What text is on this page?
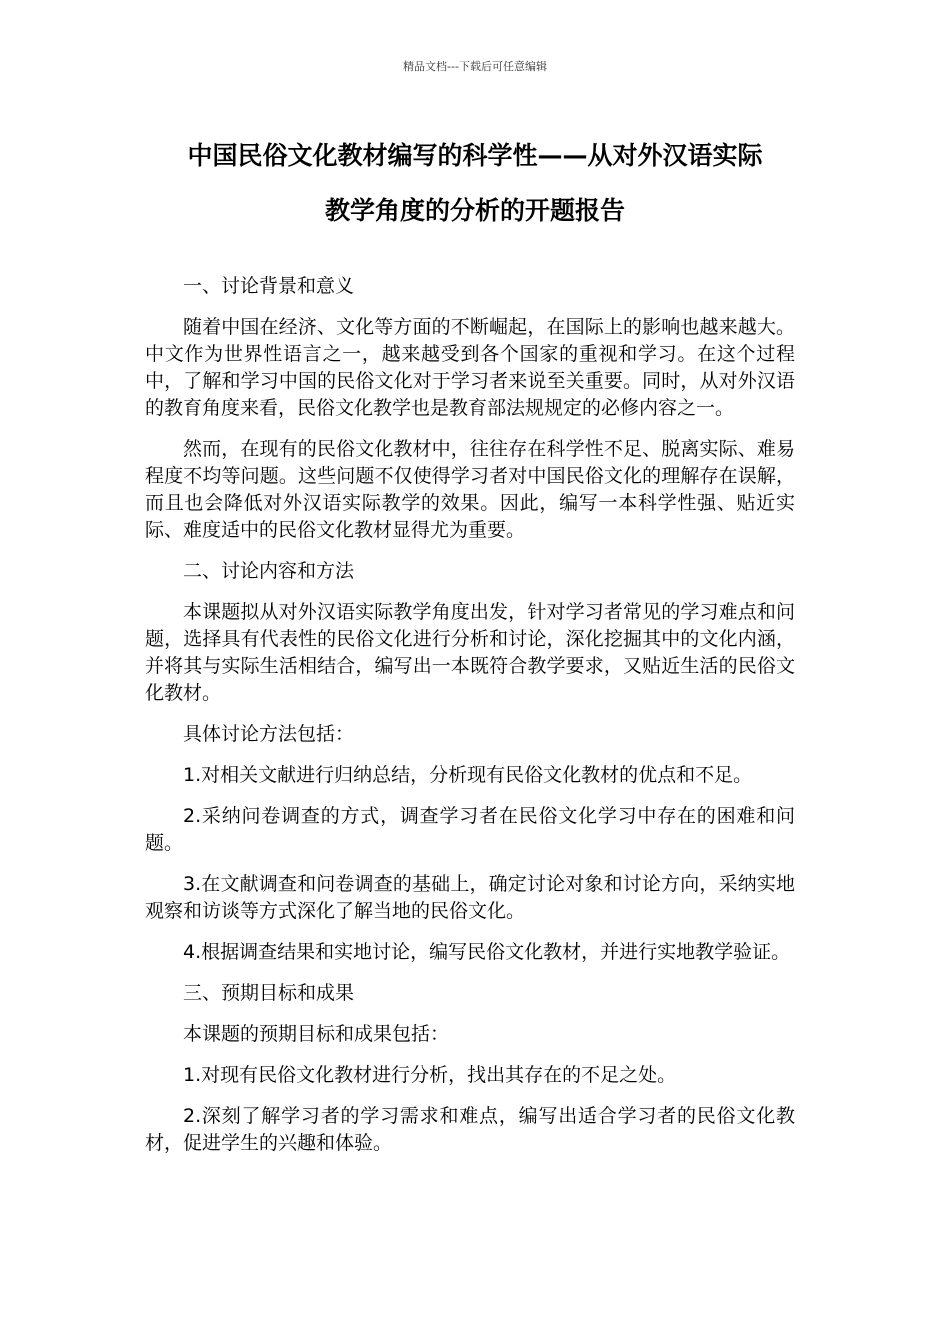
精品文档---下载后可任意编辑
中国民俗文化教材编写的科学性——从对外汉语实际
教学角度的分析的开题报告
一、讨论背景和意义
随着中国在经济、文化等方面的不断崛起，在国际上的影响也越来越大。中文作为世界性语言之一，越来越受到各个国家的重视和学习。在这个过程中，了解和学习中国的民俗文化对于学习者来说至关重要。同时，从对外汉语的教育角度来看，民俗文化教学也是教育部法规规定的必修内容之一。
然而，在现有的民俗文化教材中，往往存在科学性不足、脱离实际、难易程度不均等问题。这些问题不仅使得学习者对中国民俗文化的理解存在误解，而且也会降低对外汉语实际教学的效果。因此，编写一本科学性强、贴近实际、难度适中的民俗文化教材显得尤为重要。
二、讨论内容和方法
本课题拟从对外汉语实际教学角度出发，针对学习者常见的学习难点和问题，选择具有代表性的民俗文化进行分析和讨论，深化挖掘其中的文化内涵，并将其与实际生活相结合，编写出一本既符合教学要求，又贴近生活的民俗文化教材。
具体讨论方法包括：
1.对相关文献进行归纳总结，分析现有民俗文化教材的优点和不足。
2.采纳问卷调查的方式，调查学习者在民俗文化学习中存在的困难和问题。
3.在文献调查和问卷调查的基础上，确定讨论对象和讨论方向，采纳实地观察和访谈等方式深化了解当地的民俗文化。
4.根据调查结果和实地讨论，编写民俗文化教材，并进行实地教学验证。
三、预期目标和成果
本课题的预期目标和成果包括：
1.对现有民俗文化教材进行分析，找出其存在的不足之处。
2.深刻了解学习者的学习需求和难点，编写出适合学习者的民俗文化教材，促进学生的兴趣和体验。
